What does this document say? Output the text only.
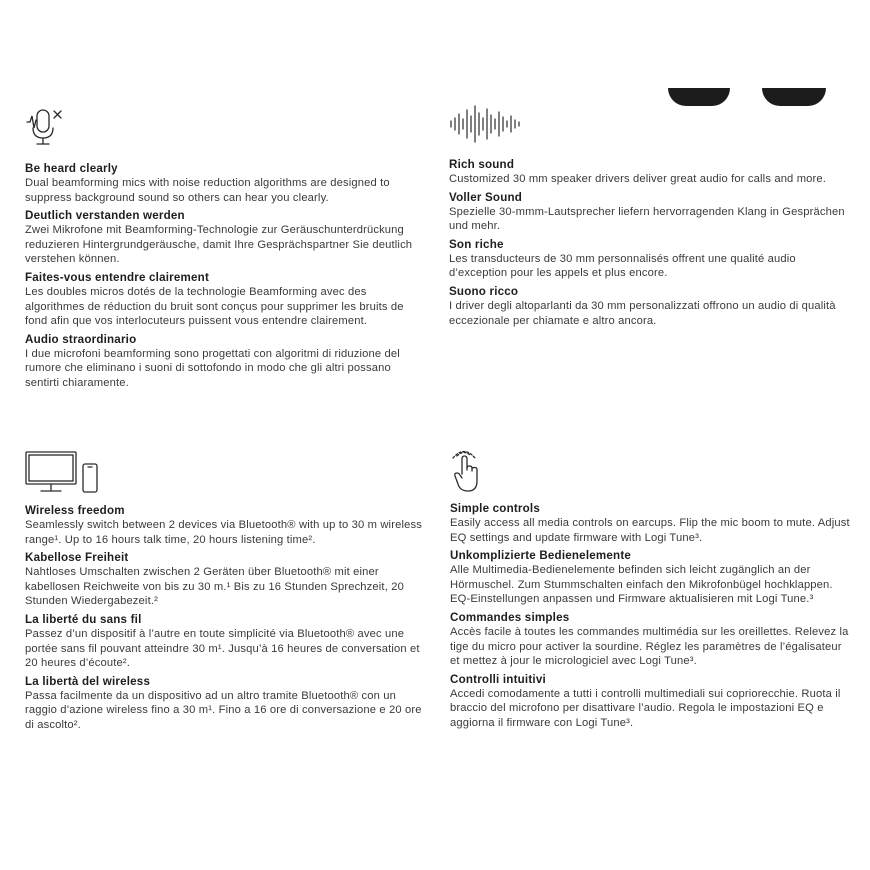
Be heard clearly

Dual beamforming mics with noise reduction algorithms are designed to suppress background sound so others can hear you clearly.

Deutlich verstanden werden

Zwei Mikrofone mit Beamforming-Technologie zur Geräuschunterdrückung reduzieren Hintergrundgeräusche, damit Ihre Gesprächspartner Sie deutlich verstehen können.

Faites-vous entendre clairement

Les doubles micros dotés de la technologie Beamforming avec des algorithmes de réduction du bruit sont conçus pour supprimer les bruits de fond afin que vos interlocuteurs puissent vous entendre clairement.

Audio straordinario

I due microfoni beamforming sono progettati con algoritmi di riduzione del rumore che eliminano i suoni di sottofondo in modo che gli altri possano sentirti chiaramente.

Rich sound

Customized 30 mm speaker drivers deliver great audio for calls and more.

Voller Sound

Spezielle 30-mmm-Lautsprecher liefern hervorragenden Klang in Gesprächen und mehr.

Son riche

Les transducteurs de 30 mm personnalisés offrent une qualité audio d’exception pour les appels et plus encore.

Suono ricco

I driver degli altoparlanti da 30 mm personalizzati offrono un audio di qualità eccezionale per chiamate e altro ancora.

Wireless freedom

Seamlessly switch between 2 devices via Bluetooth® with up to 30 m wireless range¹. Up to 16 hours talk time, 20 hours listening time².

Kabellose Freiheit

Nahtloses Umschalten zwischen 2 Geräten über Bluetooth® mit einer kabellosen Reichweite von bis zu 30 m.¹ Bis zu 16 Stunden Sprechzeit, 20 Stunden Wiedergabezeit.²

La liberté du sans fil

Passez d’un dispositif à l’autre en toute simplicité via Bluetooth® avec une portée sans fil pouvant atteindre 30 m¹. Jusqu’à 16 heures de conversation et 20 heures d’écoute².

La libertà del wireless

Passa facilmente da un dispositivo ad un altro tramite Bluetooth® con un raggio d’azione wireless fino a 30 m¹. Fino a 16 ore di conversazione e 20 ore di ascolto².

Simple controls

Easily access all media controls on earcups. Flip the mic boom to mute. Adjust EQ settings and update firmware with Logi Tune³.

Unkomplizierte Bedienelemente

Alle Multimedia-Bedienelemente befinden sich leicht zugänglich an der Hörmuschel. Zum Stummschalten einfach den Mikrofonbügel hochklappen. EQ-Einstellungen anpassen und Firmware aktualisieren mit Logi Tune.³

Commandes simples

Accès facile à toutes les commandes multimédia sur les oreillettes. Relevez la tige du micro pour activer la sourdine. Réglez les paramètres de l’égalisateur et mettez à jour le micrologiciel avec Logi Tune³.

Controlli intuitivi

Accedi comodamente a tutti i controlli multimediali sui copriorecchie. Ruota il braccio del microfono per disattivare l’audio. Regola le impostazioni EQ e aggiorna il firmware con Logi Tune³.
